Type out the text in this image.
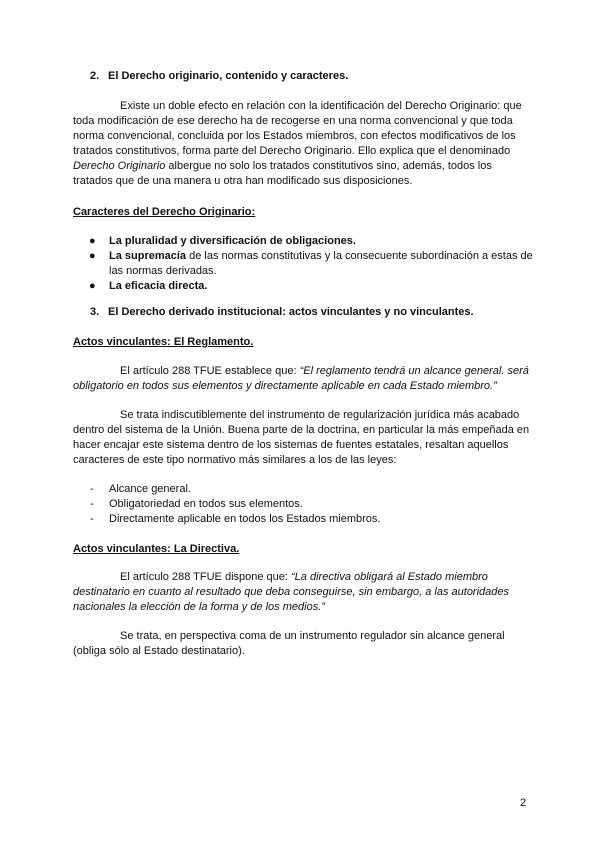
2. El Derecho originario, contenido y caracteres.
Existe un doble efecto en relación con la identificación del Derecho Originario: que toda modificación de ese derecho ha de recogerse en una norma convencional y que toda norma convencional, concluida por los Estados miembros, con efectos modificativos de los tratados constitutivos, forma parte del Derecho Originario. Ello explica que el denominado Derecho Originario albergue no solo los tratados constitutivos sino, además, todos los tratados que de una manera u otra han modificado sus disposiciones.
Caracteres del Derecho Originario:
● La pluralidad y diversificación de obligaciones.
● La supremacía de las normas constitutivas y la consecuente subordinación a estas de las normas derivadas.
● La eficacia directa.
3. El Derecho derivado institucional: actos vinculantes y no vinculantes.
Actos vinculantes: El Reglamento.
El artículo 288 TFUE establece que: “El reglamento tendrá un alcance general. será obligatorio en todos sus elementos y directamente aplicable en cada Estado miembro.”
Se trata indiscutiblemente del instrumento de regularización jurídica más acabado dentro del sistema de la Unión. Buena parte de la doctrina, en particular la más empeñada en hacer encajar este sistema dentro de los sistemas de fuentes estatales, resaltan aquellos caracteres de este tipo normativo más similares a los de las leyes:
- Alcance general.
- Obligatoriedad en todos sus elementos.
- Directamente aplicable en todos los Estados miembros.
Actos vinculantes: La Directiva.
El artículo 288 TFUE dispone que: “La directiva obligará al Estado miembro destinatario en cuanto al resultado que deba conseguirse, sin embargo, a las autoridades nacionales la elección de la forma y de los medios.”
Se trata, en perspectiva coma de un instrumento regulador sin alcance general (obliga sólo al Estado destinatario).
2
